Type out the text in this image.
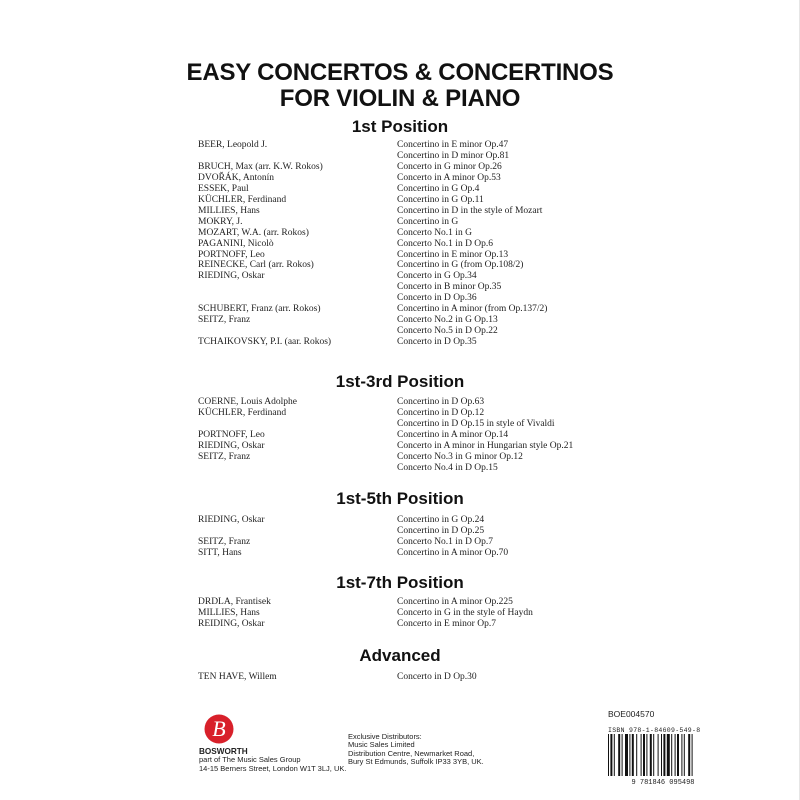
EASY CONCERTOS & CONCERTINOS
FOR VIOLIN & PIANO
1st Position
BEER, Leopold J.	Concertino in E minor Op.47
Concertino in D minor Op.81
BRUCH, Max (arr. K.W. Rokos)	Concerto in G minor Op.26
DVOŘÁK, Antonín	Concerto in A minor Op.53
ESSEK, Paul	Concertino in G Op.4
KÜCHLER, Ferdinand	Concertino in G Op.11
MILLIES, Hans	Concertino in D in the style of Mozart
MOKRY, J.	Concertino in G
MOZART, W.A. (arr. Rokos)	Concerto No.1 in G
PAGANINI, Nicolò	Concerto No.1 in D Op.6
PORTNOFF, Leo	Concertino in E minor Op.13
REINECKE, Carl (arr. Rokos)	Concertino in G (from Op.108/2)
RIEDING, Oskar	Concerto in G Op.34
Concerto in B minor Op.35
Concerto in D Op.36
SCHUBERT, Franz (arr. Rokos)	Concertino in A minor (from Op.137/2)
SEITZ, Franz	Concerto No.2 in G Op.13
Concerto No.5 in D Op.22
TCHAIKOVSKY, P.I. (aar. Rokos)	Concerto in D Op.35
1st-3rd Position
COERNE, Louis Adolphe	Concertino in D Op.63
KÜCHLER, Ferdinand	Concertino in D Op.12
Concertino in D Op.15 in style of Vivaldi
PORTNOFF, Leo	Concertino in A minor Op.14
RIEDING, Oskar	Concerto in A minor in Hungarian style Op.21
SEITZ, Franz	Concerto No.3 in G minor Op.12
Concerto No.4 in D Op.15
1st-5th Position
RIEDING, Oskar	Concertino in G Op.24
Concertino in D Op.25
SEITZ, Franz	Concerto No.1 in D Op.7
SITT, Hans	Concertino in A minor Op.70
1st-7th Position
DRDLA, Frantisek	Concertino in A minor Op.225
MILLIES, Hans	Concerto in G in the style of Haydn
REIDING, Oskar	Concerto in E minor Op.7
Advanced
TEN HAVE, Willem	Concerto in D Op.30
BOE004570
B
BOSWORTH
part of The Music Sales Group
14-15 Berners Street, London W1T 3LJ, UK.
Exclusive Distributors:
Music Sales Limited
Distribution Centre, Newmarket Road,
Bury St Edmunds, Suffolk IP33 3YB, UK.
ISBN 978-1-84609-549-8
9 781846 095498
